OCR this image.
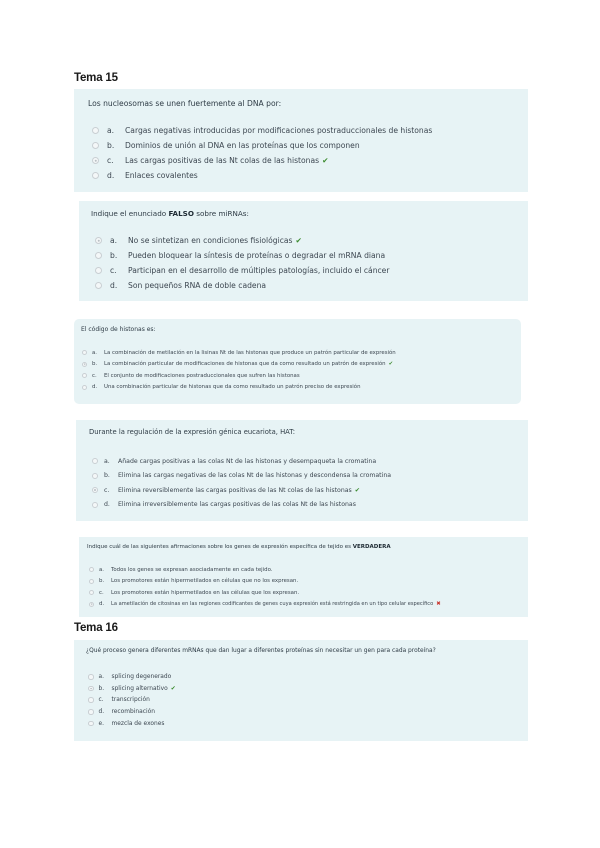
Tema 15
Los nucleosomas se unen fuertemente al DNA por:
a.	Cargas negativas introducidas por modificaciones postraduccionales de histonas
b.	Dominios de unión al DNA en las proteínas que los componen
c.	Las cargas positivas de las Nt colas de las histonas ✔
d.	Enlaces covalentes
Indique el enunciado FALSO sobre miRNAs:
a.	No se sintetizan en condiciones fisiológicas ✔
b.	Pueden bloquear la síntesis de proteínas o degradar el mRNA diana
c.	Participan en el desarrollo de múltiples patologías, incluido el cáncer
d.	Son pequeños RNA de doble cadena
El código de histonas es:
a.	La combinación de metilación en la lisinas Nt de las histonas que produce un patrón particular de expresión
b.	La combinación particular de modificaciones de histonas que da como resultado un patrón de expresión ✔
c.	El conjunto de modificaciones postraduccionales que sufren las histonas
d.	Una combinación particular de histonas que da como resultado un patrón preciso de expresión
Durante la regulación de la expresión génica eucariota, HAT:
a.	Añade cargas positivas a las colas Nt de las histonas y desempaqueta la cromatina
b.	Elimina las cargas negativas de las colas Nt de las histonas y descondensa la cromatina
c.	Elimina reversiblemente las cargas positivas de las Nt colas de las histonas ✔
d.	Elimina irreversiblemente las cargas positivas de las colas Nt de las histonas
Indique cuál de las siguientes afirmaciones sobre los genes de expresión específica de tejido es VERDADERA
a.	Todos los genes se expresan asociadamente en cada tejido.
b.	Los promotores están hipermetilados en células que no los expresan.
c.	Los promotores están hipermetilados en las células que los expresan.
d.	La ametilación de citosinas en las regiones codificantes de genes cuya expresión está restringida en un tipo celular específico ✖
Tema 16
¿Qué proceso genera diferentes mRNAs que dan lugar a diferentes proteínas sin necesitar un gen para cada proteína?
a.	splicing degenerado
b.	splicing alternativo ✔
c.	transcripción
d.	recombinación
e.	mezcla de exones
